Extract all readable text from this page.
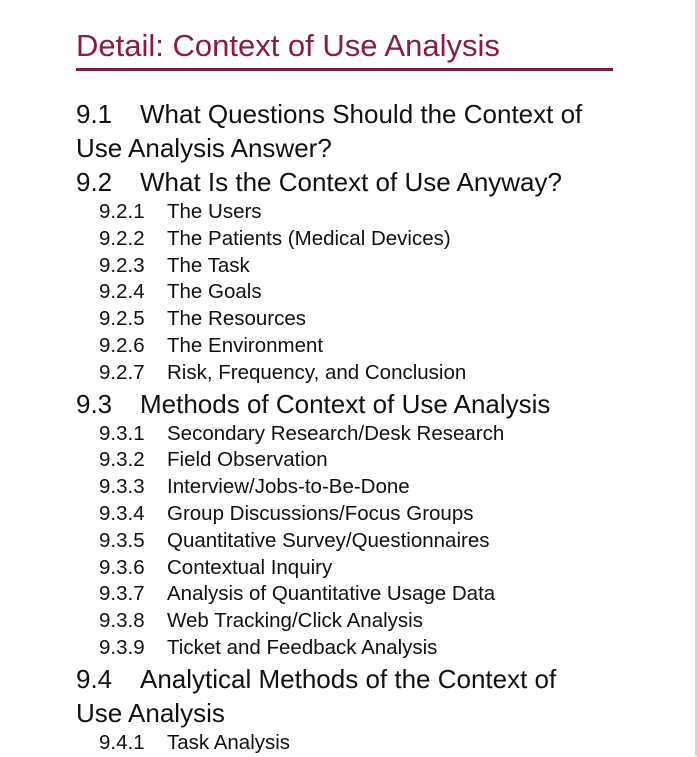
Detail: Context of Use Analysis
9.1 What Questions Should the Context of Use Analysis Answer?
9.2 What Is the Context of Use Anyway?
9.2.1 The Users
9.2.2 The Patients (Medical Devices)
9.2.3 The Task
9.2.4 The Goals
9.2.5 The Resources
9.2.6 The Environment
9.2.7 Risk, Frequency, and Conclusion
9.3 Methods of Context of Use Analysis
9.3.1 Secondary Research/Desk Research
9.3.2 Field Observation
9.3.3 Interview/Jobs-to-Be-Done
9.3.4 Group Discussions/Focus Groups
9.3.5 Quantitative Survey/Questionnaires
9.3.6 Contextual Inquiry
9.3.7 Analysis of Quantitative Usage Data
9.3.8 Web Tracking/Click Analysis
9.3.9 Ticket and Feedback Analysis
9.4 Analytical Methods of the Context of Use Analysis
9.4.1 Task Analysis
